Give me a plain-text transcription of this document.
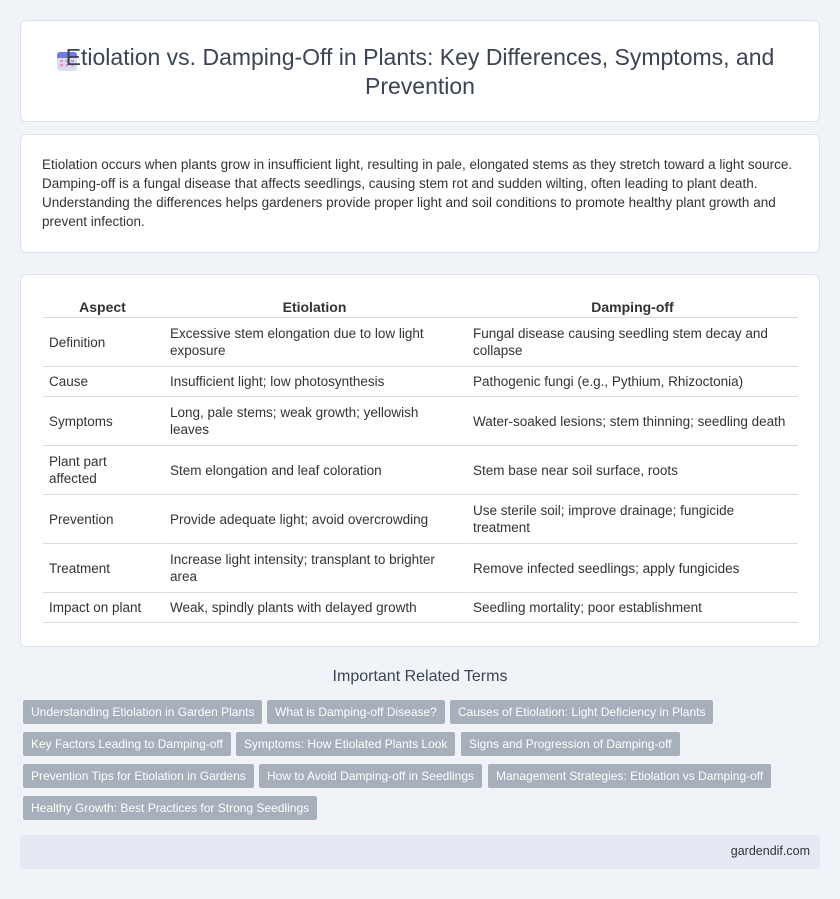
Etiolation vs. Damping-Off in Plants: Key Differences, Symptoms, and Prevention

Etiolation occurs when plants grow in insufficient light, resulting in pale, elongated stems as they stretch toward a light source. Damping-off is a fungal disease that affects seedlings, causing stem rot and sudden wilting, often leading to plant death. Understanding the differences helps gardeners provide proper light and soil conditions to promote healthy plant growth and prevent infection.

Aspect	Etiolation	Damping-off
Definition	Excessive stem elongation due to low light exposure	Fungal disease causing seedling stem decay and collapse
Cause	Insufficient light; low photosynthesis	Pathogenic fungi (e.g., Pythium, Rhizoctonia)
Symptoms	Long, pale stems; weak growth; yellowish leaves	Water-soaked lesions; stem thinning; seedling death
Plant part affected	Stem elongation and leaf coloration	Stem base near soil surface, roots
Prevention	Provide adequate light; avoid overcrowding	Use sterile soil; improve drainage; fungicide treatment
Treatment	Increase light intensity; transplant to brighter area	Remove infected seedlings; apply fungicides
Impact on plant	Weak, spindly plants with delayed growth	Seedling mortality; poor establishment
Important Related Terms
Understanding Etiolation in Garden Plants	What is Damping-off Disease?	Causes of Etiolation: Light Deficiency in Plants
Key Factors Leading to Damping-off	Symptoms: How Etiolated Plants Look	Signs and Progression of Damping-off
Prevention Tips for Etiolation in Gardens	How to Avoid Damping-off in Seedlings	Management Strategies: Etiolation vs Damping-off
Healthy Growth: Best Practices for Strong Seedlings
gardendif.com
